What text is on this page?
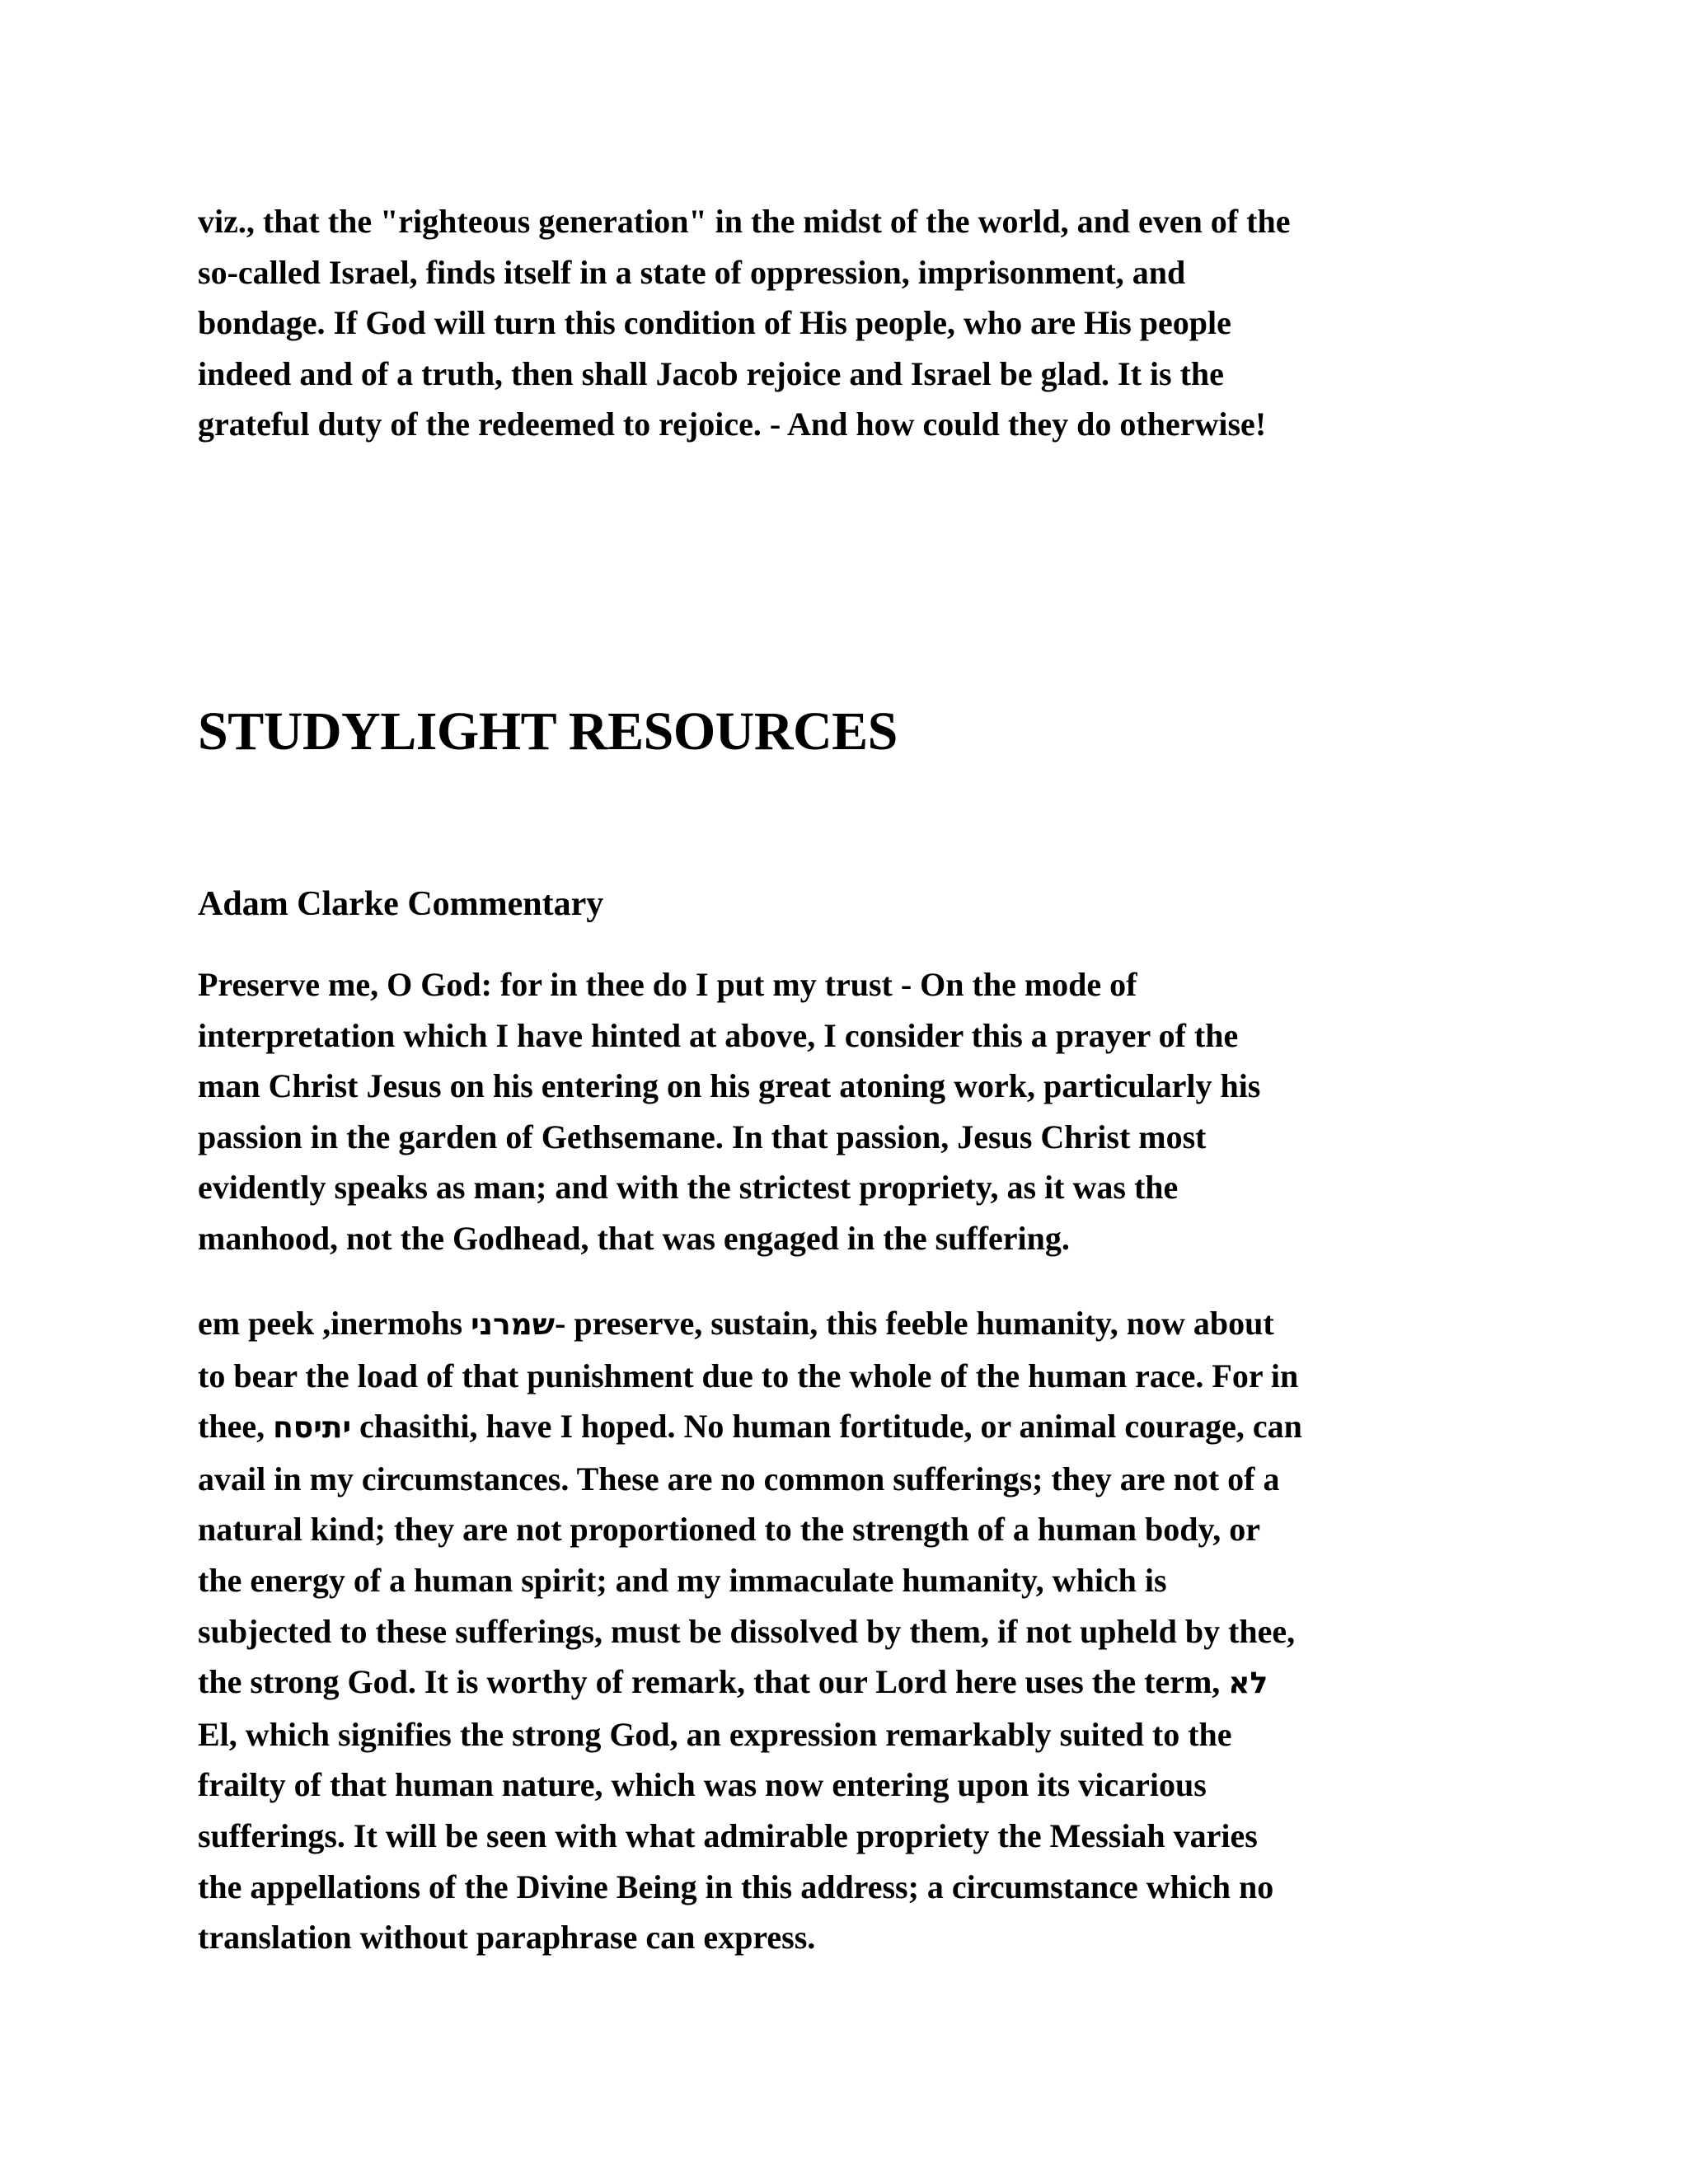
viz., that the "righteous generation" in the midst of the world, and even of the
so-called Israel, finds itself in a state of oppression, imprisonment, and
bondage. If God will turn this condition of His people, who are His people
indeed and of a truth, then shall Jacob rejoice and Israel be glad. It is the
grateful duty of the redeemed to rejoice. - And how could they do otherwise!
STUDYLIGHT RESOURCES
Adam Clarke Commentary
Preserve me, O God: for in thee do I put my trust - On the mode of
interpretation which I have hinted at above, I consider this a prayer of the
man Christ Jesus on his entering on his great atoning work, particularly his
passion in the garden of Gethsemane. In that passion, Jesus Christ most
evidently speaks as man; and with the strictest propriety, as it was the
manhood, not the Godhead, that was engaged in the suffering.
em peek ,inermohs שמרני- preserve, sustain, this feeble humanity, now about
to bear the load of that punishment due to the whole of the human race. For in
thee, יתיסח chasithi, have I hoped. No human fortitude, or animal courage, can
avail in my circumstances. These are no common sufferings; they are not of a
natural kind; they are not proportioned to the strength of a human body, or
the energy of a human spirit; and my immaculate humanity, which is
subjected to these sufferings, must be dissolved by them, if not upheld by thee,
the strong God. It is worthy of remark, that our Lord here uses the term, לא
El, which signifies the strong God, an expression remarkably suited to the
frailty of that human nature, which was now entering upon its vicarious
sufferings. It will be seen with what admirable propriety the Messiah varies
the appellations of the Divine Being in this address; a circumstance which no
translation without paraphrase can express.
